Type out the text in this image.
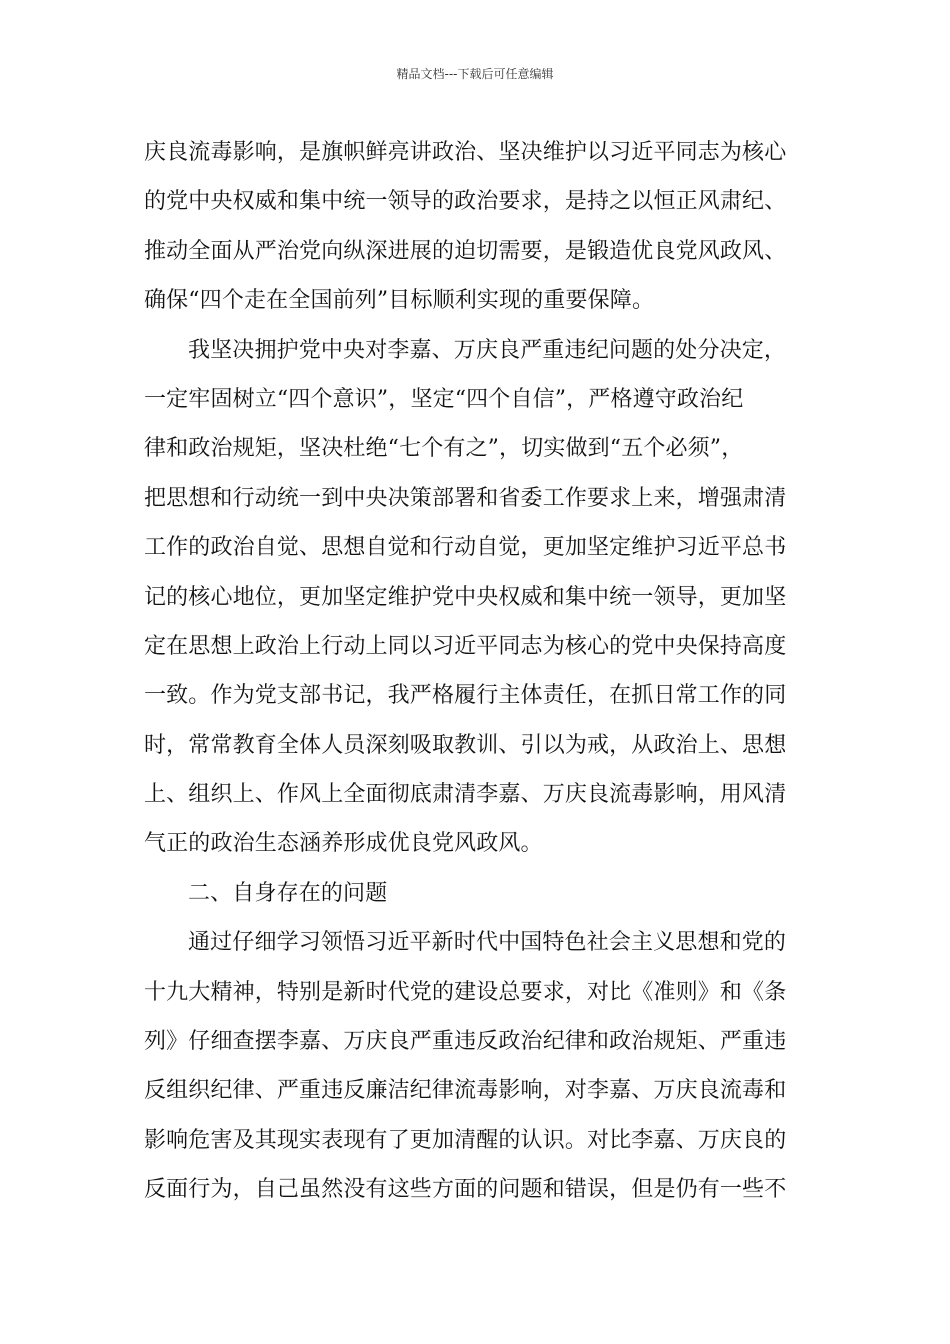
精品文档---下载后可任意编辑
庆良流毒影响，是旗帜鲜亮讲政治、坚决维护以习近平同志为核心
的党中央权威和集中统一领导的政治要求，是持之以恒正风肃纪、
推动全面从严治党向纵深进展的迫切需要，是锻造优良党风政风、
确保“四个走在全国前列”目标顺利实现的重要保障。
我坚决拥护党中央对李嘉、万庆良严重违纪问题的处分决定，
一定牢固树立“四个意识”，坚定“四个自信”，严格遵守政治纪
律和政治规矩，坚决杜绝“七个有之”，切实做到“五个必须”，
把思想和行动统一到中央决策部署和省委工作要求上来，增强肃清
工作的政治自觉、思想自觉和行动自觉，更加坚定维护习近平总书
记的核心地位，更加坚定维护党中央权威和集中统一领导，更加坚
定在思想上政治上行动上同以习近平同志为核心的党中央保持高度
一致。作为党支部书记，我严格履行主体责任，在抓日常工作的同
时，常常教育全体人员深刻吸取教训、引以为戒，从政治上、思想
上、组织上、作风上全面彻底肃清李嘉、万庆良流毒影响，用风清
气正的政治生态涵养形成优良党风政风。
二、自身存在的问题
通过仔细学习领悟习近平新时代中国特色社会主义思想和党的
十九大精神，特别是新时代党的建设总要求，对比《准则》和《条
列》仔细查摆李嘉、万庆良严重违反政治纪律和政治规矩、严重违
反组织纪律、严重违反廉洁纪律流毒影响，对李嘉、万庆良流毒和
影响危害及其现实表现有了更加清醒的认识。对比李嘉、万庆良的
反面行为，自己虽然没有这些方面的问题和错误，但是仍有一些不
